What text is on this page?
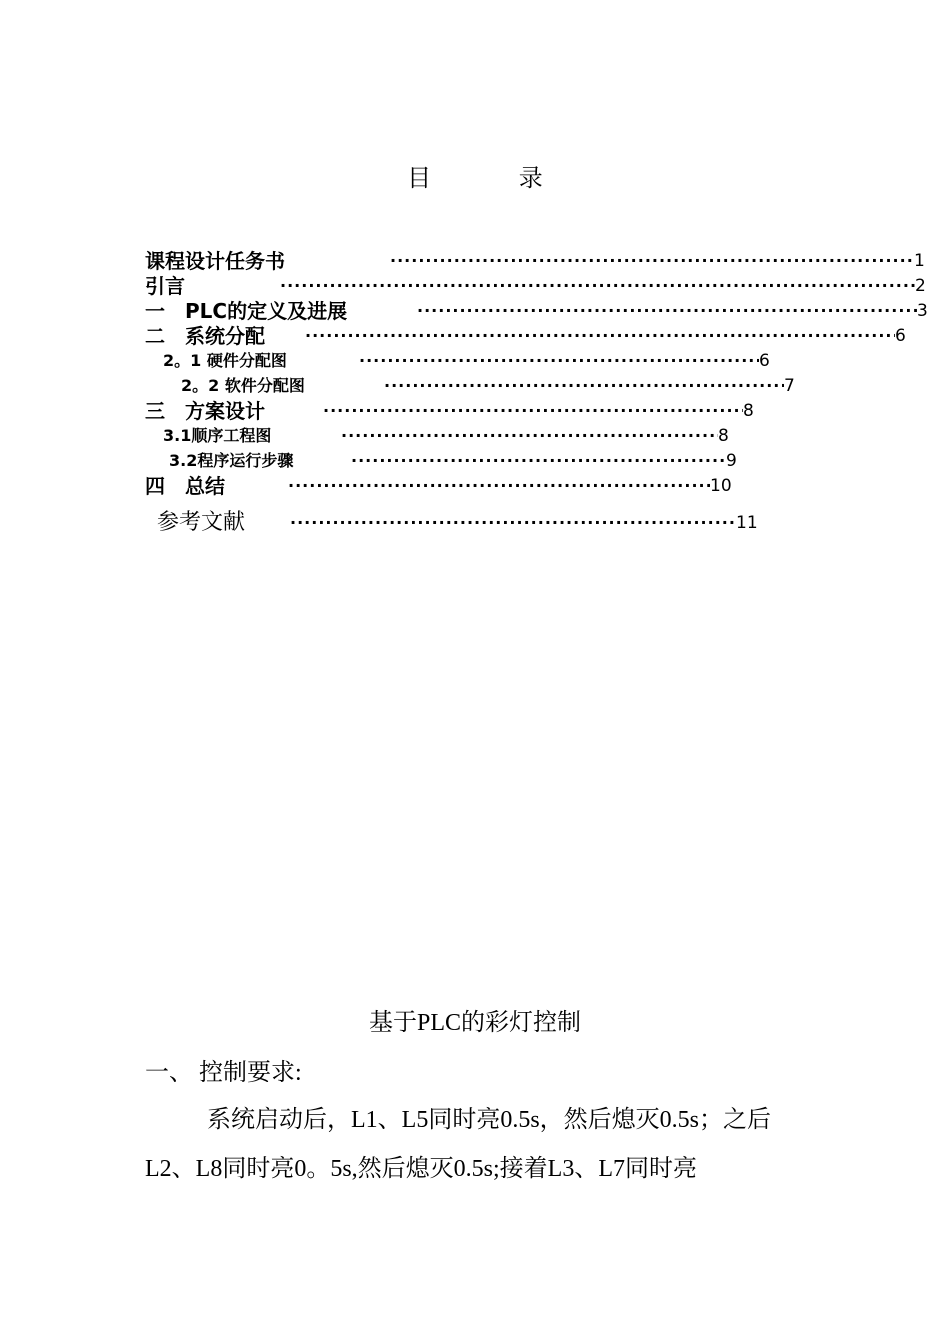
目 录
课程设计任务书 ·····	1
引言 ·····	2
一　PLC的定义及进展 ·····	3
二　系统分配 ·····	6
2。1 硬件分配图 ·····	6
2。2 软件分配图 ·····	7
三　方案设计 ·····	8
3.1顺序工程图 ·····	8
3.2程序运行步骤 ·····	9
四　总结 ·····	10
参考文献 ·····	11
基于PLC的彩灯控制
一、 控制要求:
系统启动后，L1、L5同时亮0.5s，然后熄灭0.5s；之后L2、L8同时亮0。5s,然后熄灭0.5s;接着L3、L7同时亮
